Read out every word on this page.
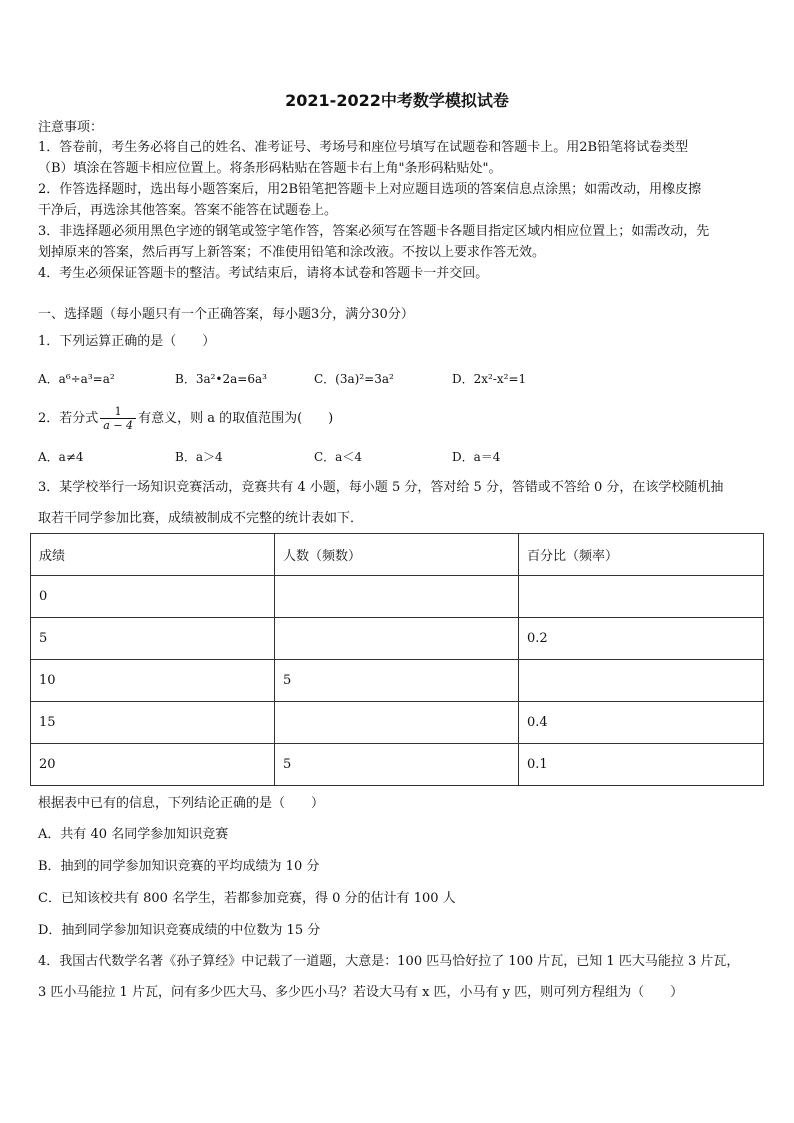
2021-2022中考数学模拟试卷
注意事项：
1．答卷前，考生务必将自己的姓名、准考证号、考场号和座位号填写在试题卷和答题卡上。用2B铅笔将试卷类型
（B）填涂在答题卡相应位置上。将条形码粘贴在答题卡右上角"条形码粘贴处"。
2．作答选择题时，选出每小题答案后，用2B铅笔把答题卡上对应题目选项的答案信息点涂黑；如需改动，用橡皮擦
干净后，再选涂其他答案。答案不能答在试题卷上。
3．非选择题必须用黑色字迹的钢笔或签字笔作答，答案必须写在答题卡各题目指定区域内相应位置上；如需改动，先
划掉原来的答案，然后再写上新答案；不准使用铅笔和涂改液。不按以上要求作答无效。
4．考生必须保证答题卡的整洁。考试结束后，请将本试卷和答题卡一并交回。
一、选择题（每小题只有一个正确答案，每小题3分，满分30分）
1．下列运算正确的是（　　）
A．a⁶÷a³=a²	B．3a²•2a=6a³	C．(3a)²=3a²	D．2x²-x²=1
2．若分式 $\frac{1}{a - 4}$ 有意义，则 a 的取值范围为(　　)
A．a≠4	B．a＞4	C．a＜4	D．a＝4
3．某学校举行一场知识竞赛活动，竞赛共有 4 小题，每小题 5 分，答对给 5 分，答错或不答给 0 分，在该学校随机抽
取若干同学参加比赛，成绩被制成不完整的统计表如下．
成绩	人数（频数）	百分比（频率）
0		
5		0.2
10	5	
15		0.4
20	5	0.1
根据表中已有的信息，下列结论正确的是（　　）
A．共有 40 名同学参加知识竞赛
B．抽到的同学参加知识竞赛的平均成绩为 10 分
C．已知该校共有 800 名学生，若都参加竞赛，得 0 分的估计有 100 人
D．抽到同学参加知识竞赛成绩的中位数为 15 分
4．我国古代数学名著《孙子算经》中记载了一道题，大意是：100 匹马恰好拉了 100 片瓦，已知 1 匹大马能拉 3 片瓦，
3 匹小马能拉 1 片瓦，问有多少匹大马、多少匹小马？若设大马有 x 匹，小马有 y 匹，则可列方程组为（　　）
